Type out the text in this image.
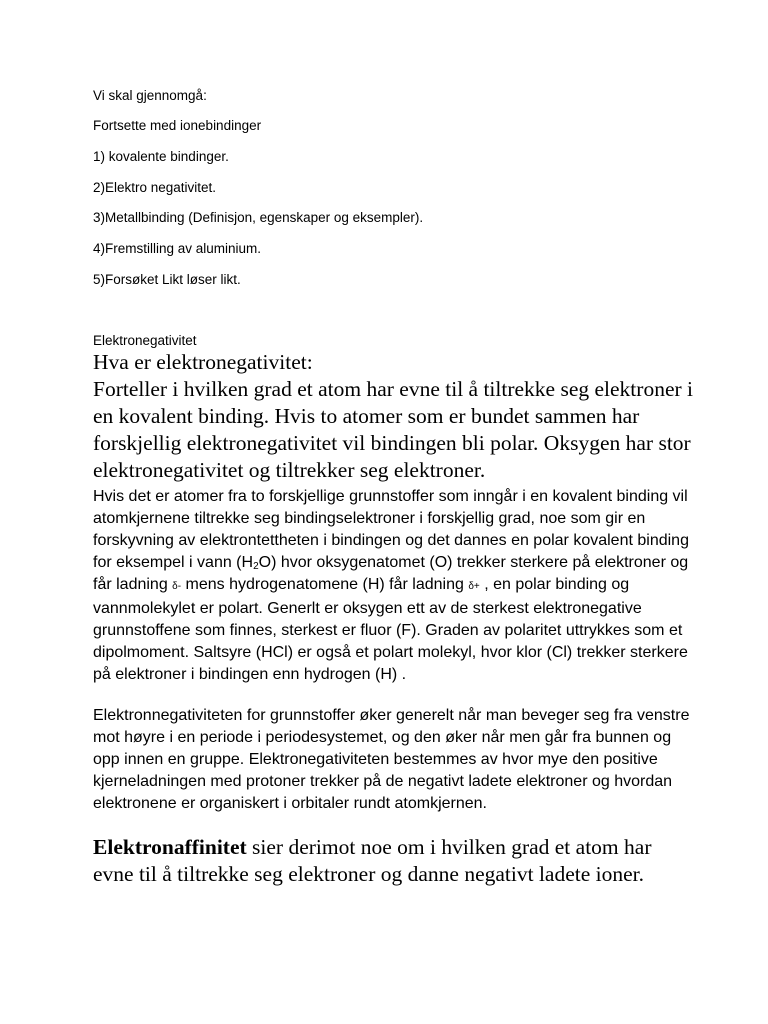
Vi skal gjennomgå:
Fortsette med ionebindinger
1) kovalente bindinger.
2)Elektro negativitet.
3)Metallbinding (Definisjon, egenskaper og eksempler).
4)Fremstilling av aluminium.
5)Forsøket Likt løser likt.
Elektronegativitet
Hva er elektronegativitet:
Forteller i hvilken grad et atom har evne til å tiltrekke seg elektroner i en kovalent binding. Hvis to atomer som er bundet sammen har forskjellig elektronegativitet vil bindingen bli polar. Oksygen har stor elektronegativitet og tiltrekker seg elektroner.
Hvis det er atomer fra to forskjellige grunnstoffer som inngår i en kovalent binding vil atomkjernene tiltrekke seg bindingselektroner i forskjellig grad, noe som gir en forskyvning av elektrontettheten i bindingen og det dannes en polar kovalent binding for eksempel i vann $(H_2O)$ hvor oksygenatomet (O) trekker sterkere på elektroner og får ladning δ- mens hydrogenatomene (H) får ladning δ+ , en polar binding og vannmolekylet er polart. Generlt er oksygen ett av de sterkest elektronegative grunnstoffene som finnes, sterkest er fluor (F). Graden av polaritet uttrykkes som et dipolmoment. Saltsyre (HCl) er også et polart molekyl, hvor klor (Cl) trekker sterkere på elektroner i bindingen enn hydrogen (H) .
Elektronnegativiteten for grunnstoffer øker generelt når man beveger seg fra venstre mot høyre i en periode i periodesystemet, og den øker når men går fra bunnen og opp innen en gruppe. Elektronegativiteten bestemmes av hvor mye den positive kjerneladningen med protoner trekker på de negativt ladete elektroner og hvordan elektronene er organiskert i orbitaler rundt atomkjernen.
Elektronaffinitet sier derimot noe om i hvilken grad et atom har evne til å tiltrekke seg elektroner og danne negativt ladete ioner.
